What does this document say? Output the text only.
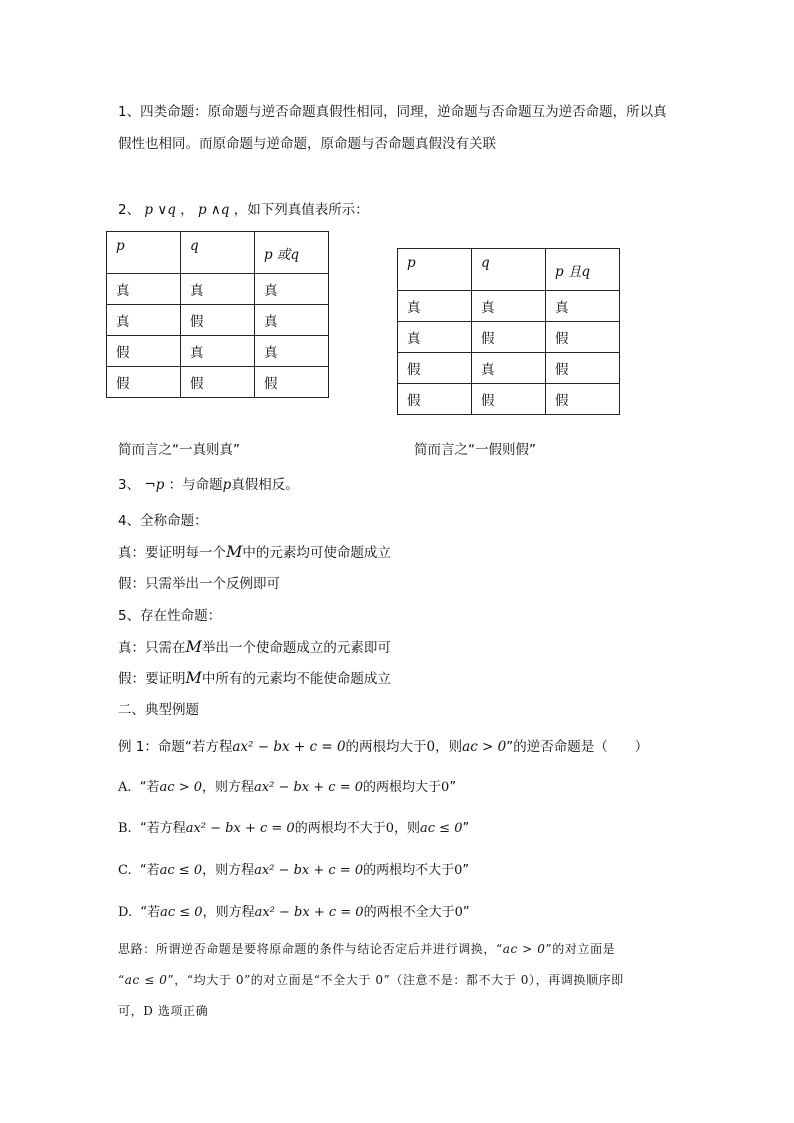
1、四类命题：原命题与逆否命题真假性相同，同理，逆命题与否命题互为逆否命题，所以真
假性也相同。而原命题与逆命题，原命题与否命题真假没有关联
2、 p ∨q ， p ∧q ，如下列真值表所示：
p	q	p 或q
真	真	真
真	假	真
假	真	真
假	假	假
p	q	p 且q
真	真	真
真	假	假
假	真	假
假	假	假
简而言之“一真则真”	简而言之“一假则假”
3、 ¬p ：与命题p真假相反。
4、全称命题：
真：要证明每一个M中的元素均可使命题成立
假：只需举出一个反例即可
5、存在性命题：
真：只需在M举出一个使命题成立的元素即可
假：要证明M中所有的元素均不能使命题成立
二、典型例题
例 1：命题“若方程ax² − bx + c = 0的两根均大于0，则ac > 0”的逆否命题是（　　）
A. “若ac > 0，则方程ax² − bx + c = 0的两根均大于0”
B. “若方程ax² − bx + c = 0的两根均不大于0，则ac ≤ 0”
C. “若ac ≤ 0，则方程ax² − bx + c = 0的两根均不大于0”
D. “若ac ≤ 0，则方程ax² − bx + c = 0的两根不全大于0”
思路：所谓逆否命题是要将原命题的条件与结论否定后并进行调换，“ac > 0”的对立面是
“ac ≤ 0”，“均大于 0”的对立面是“不全大于 0”（注意不是：都不大于 0），再调换顺序即
可，D 选项正确
